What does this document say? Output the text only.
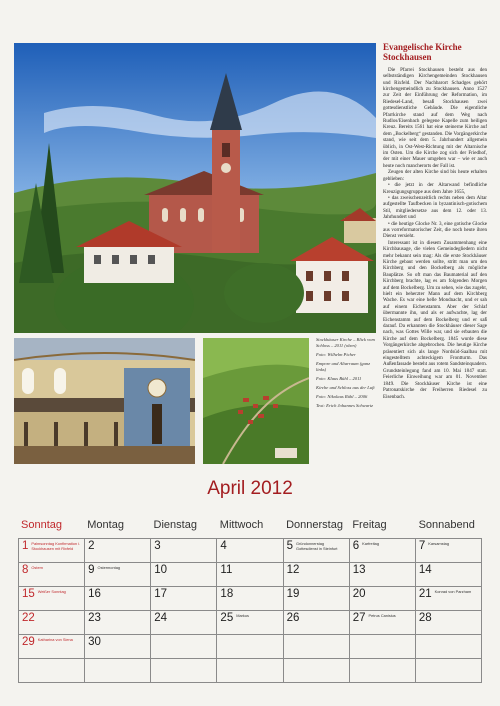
Stockhäuser Kirche – Blick vom Schloss – 2011 (oben)

Foto: Wilhelm Picher

Empore und Altarraum (ganz links)

Foto: Klaus Bühl – 2011

Kirche und Schloss aus der Luft

Foto: Nikolaus Rühl – 2006

Text: Erich Johannes Schwartz

Evangelische Kirche Stockhausen

Die Pfarrei Stockhausen besteht aus den selbstständigen Kirchengemeinden Stockhausen und Rixfeld. Der Nachbarort Schadges gehört kirchengemeindlich zu Stockhausen. Anno 1527 zur Zeit der Einführung der Reformation, im Riedesel-Land, besaß Stockhausen zwei gottesdienstliche Gebäude. Die eigentliche Pfarrkirche stand auf dem Weg nach Rudlos/Eisenbach gelegene Kapelle zum heiligen Kreuz. Bereits 1561 hat eine steinerne Kirche auf dem „Bockelberg“ gestanden. Die Vorgängerkirche stand, wie seit dem 5. Jahrhundert allgemein üblich, in Ost-West-Richtung mit der Altarnische im Osten. Um die Kirche zog sich der Friedhof, der mit einer Mauer umgeben war – wie er auch heute noch mancherorts der Fall ist.

Zeugen der alten Kirche sind bis heute erhalten geblieben:

• die jetzt in der Altarwand befindliche Kreuzigungsgruppe aus dem Jahre 1655,

• das zweischenzeitlich rechts neben dem Altar aufgestellte Taufbecken in byzantinisch-gotischem Stil, mitgliedersetze aus dem 12. oder 13. Jahrhundert und

• die heutige Glocke Nr. 3, eine gotische Glocke aus vorreformatorischer Zeit, die noch heute ihren Dienst versieht.

Interessant ist in diesem Zusammenhang eine Kirchbausage, die vielen Gemeindegliedern nicht mehr bekannt sein mag: Als die erste Stockhäuser Kirche gebaut werden sollte, stritt man um den Kirchberg und den Bockelberg als mögliche Bauplätze. So oft man das Baumaterial auf den Kirchberg brachte, lag es am folgenden Morgen auf dem Bockelberg. Um zu sehen, wie das zugeht, hielt ein beherzter Mann auf dem Kirchberg Wache. Es war eine helle Mondnacht, und er sah auf einem Eichenstamm. Aber der Schlaf übermannte ihn, und als er aufwachte, lag der Eichenstamm auf dem Bockelberg und er saß darauf. Da erkannten die Stockhäuser dieser Sage nach, was Gottes Wille war, und sie erbauten die Kirche auf dem Bockelberg. 1845 wurde diese Vorgängerkirche abgebrochen. Die heutige Kirche präsentiert sich als lange Nordsüd-Saalbau mit eingestelltem achteckigem Frontturm. Das Außenfassade besteht aus rotem Sandsteinquadern. Grundsteinlegung fand am 10. Mai 1847 statt. Feierliche Einweihung war am 01. November 1849. Die Stockhäuser Kirche ist eine Patronatskirche der Freiherren Riedesel zu Eisenbach.

April 2012
Sonntag	Montag	Dienstag	Mittwoch	Donnerstag Freitag	Sonnabend
1 Palmsonntag Konfirmation i. Stockhausen mit Rixfeld	2	3	4	5 Gründonnerstag Gottesdienst in Steinfurt	6 Karfreitag	7 Karsamstag
8 Ostern	9 Ostermontag	10	11	12	13	14
15 Weißer Sonntag 16	17	18	19	20	21 Konrad von Parzham
22	23	24	25 Markus	26	27 Petrus Canisius 28
29 Katharina von Siena 30
